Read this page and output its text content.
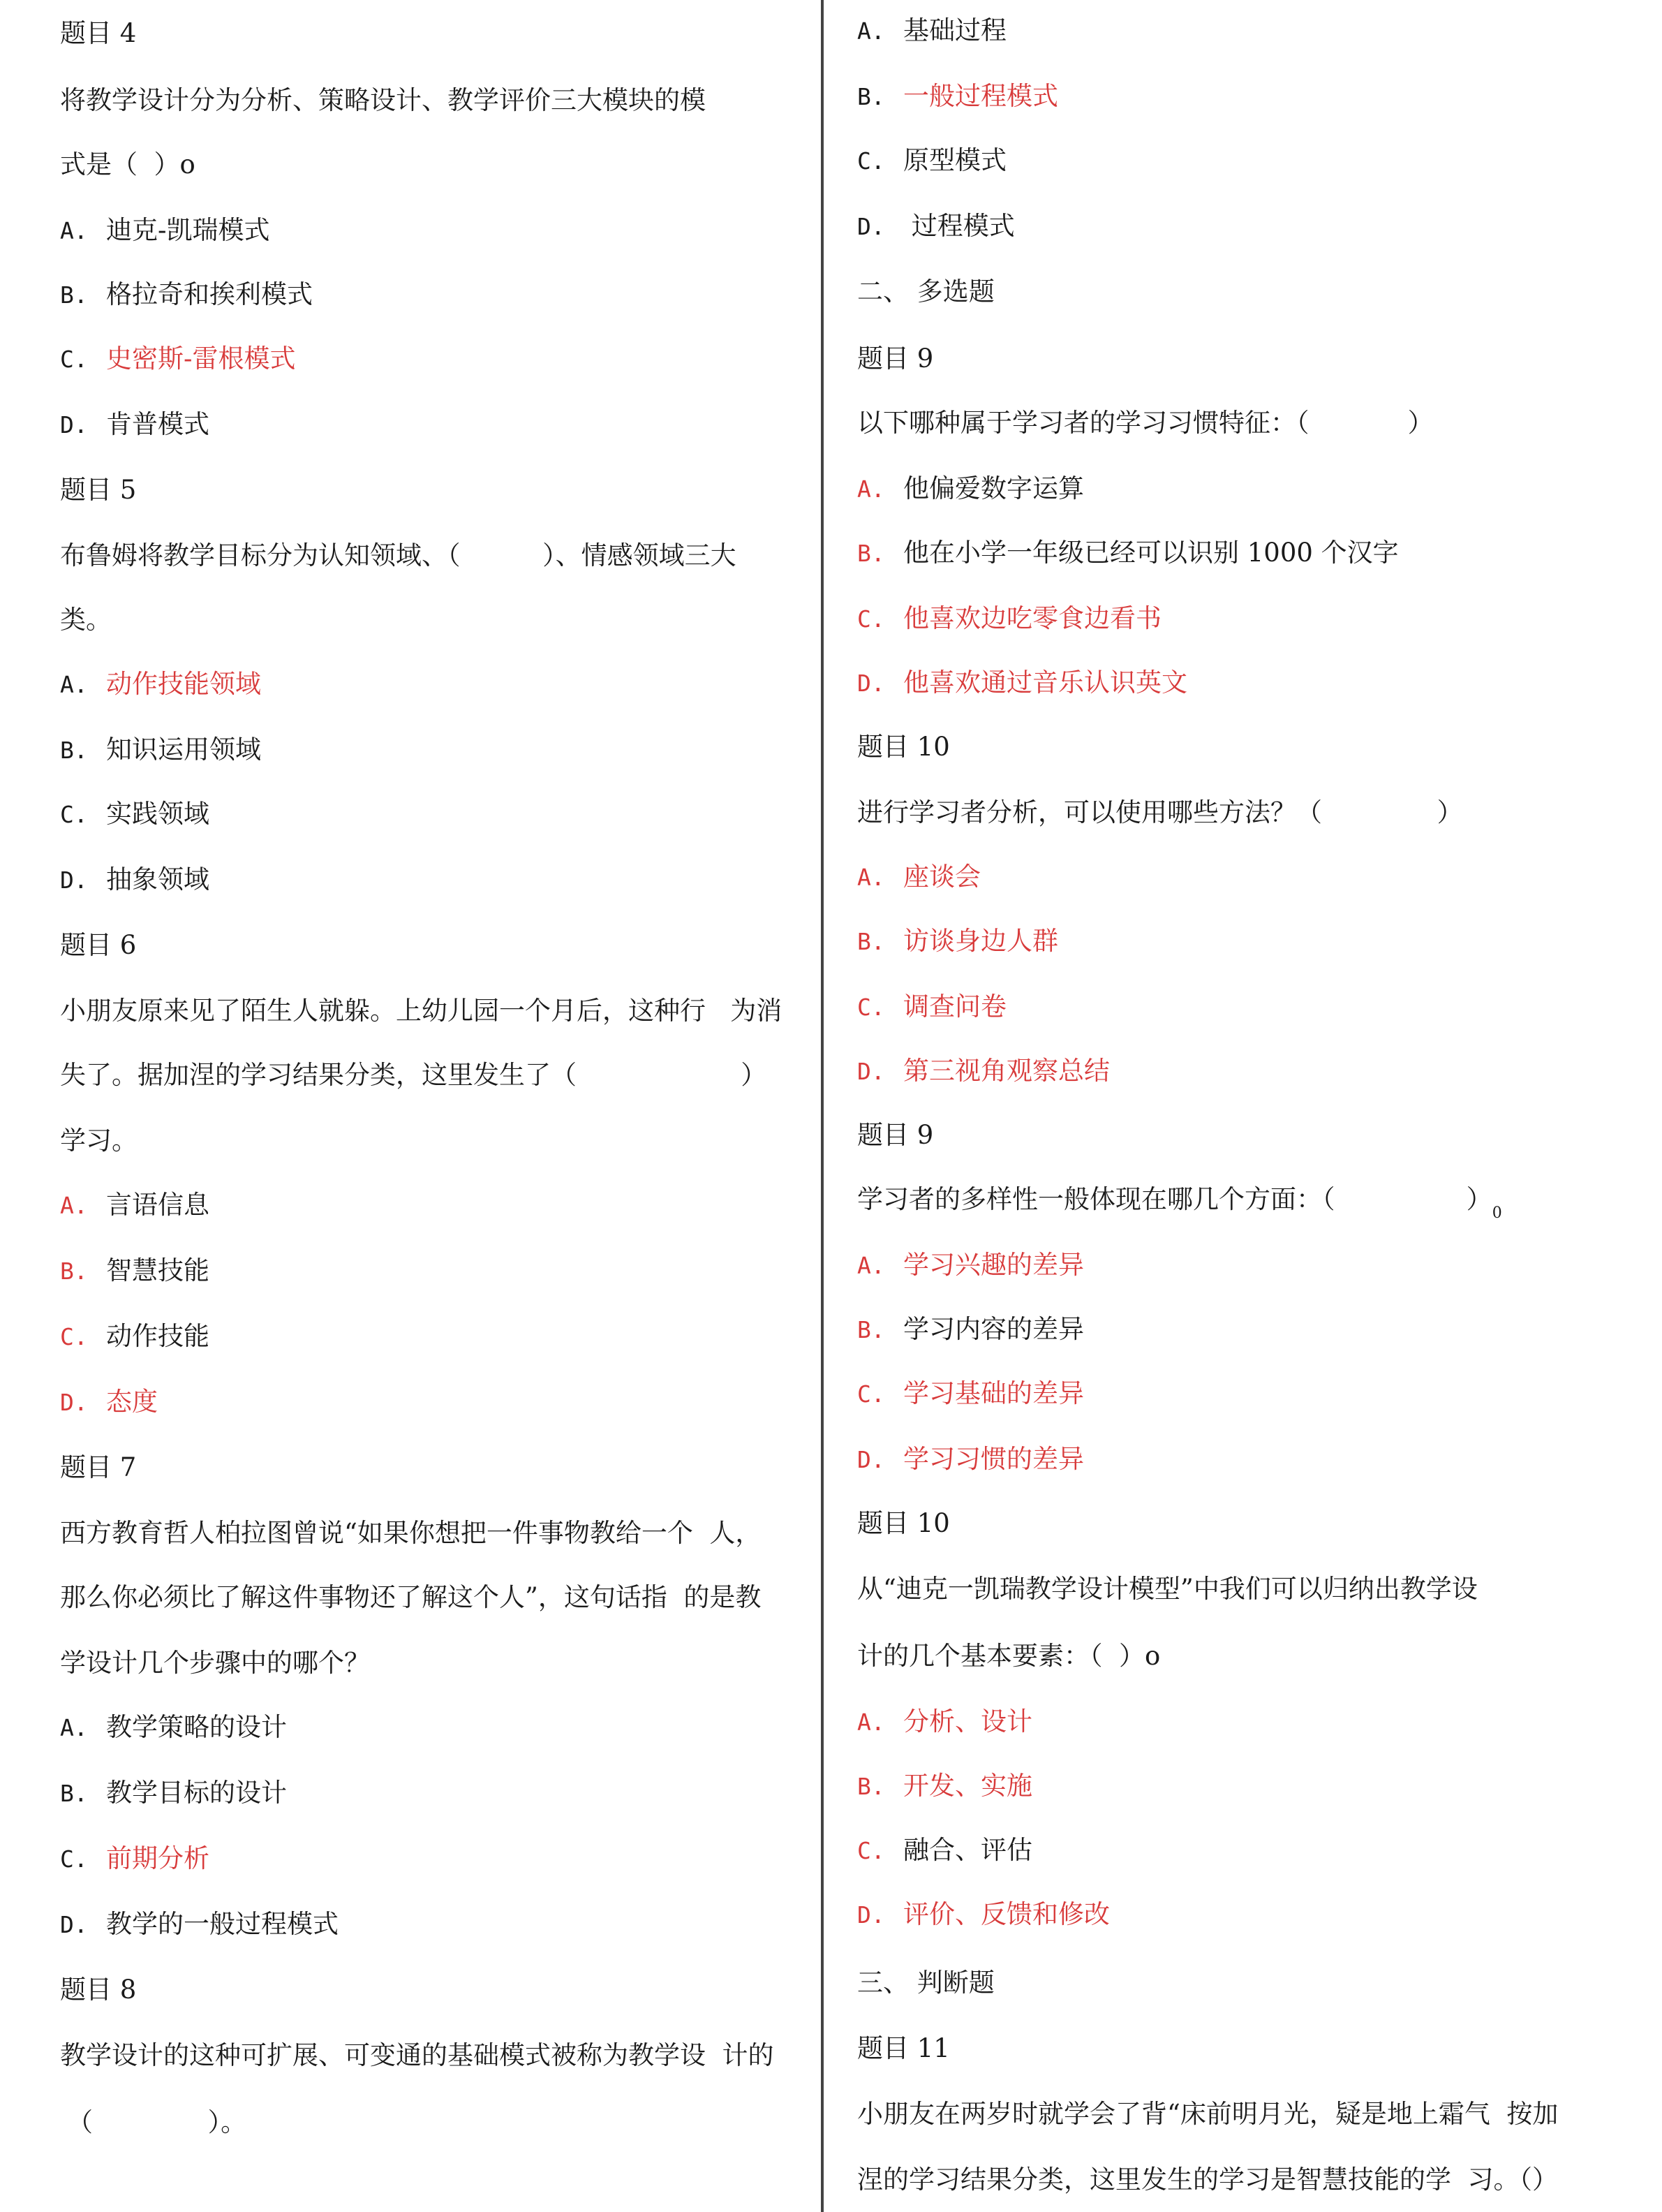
题目 4
将教学设计分为分析、策略设计、教学评价三大模块的模
式是（  ）o
A. 迪克-凯瑞模式
B. 格拉奇和挨利模式
C. 史密斯-雷根模式
D. 肯普模式
题目 5
布鲁姆将教学目标分为认知领域、（          ）、情感领域三大
类。
A. 动作技能领域
B. 知识运用领域
C. 实践领域
D. 抽象领域
题目 6
小朋友原来见了陌生人就躲。上幼儿园一个月后，这种行   为消
失了。据加涅的学习结果分类，这里发生了（                    ）
学习。
A. 言语信息
B. 智慧技能
C. 动作技能
D. 态度
题目 7
西方教育哲人柏拉图曾说“如果你想把一件事物教给一个  人，
那么你必须比了解这件事物还了解这个人”，这句话指  的是教
学设计几个步骤中的哪个？
A. 教学策略的设计
B. 教学目标的设计
C. 前期分析
D. 教学的一般过程模式
题目 8
教学设计的这种可扩展、可变通的基础模式被称为教学设  计的
（              ）。
A. 基础过程
B. 一般过程模式
C. 原型模式
D. 过程模式
二、 多选题
题目 9
以下哪种属于学习者的学习习惯特征：（            ）
A. 他偏爱数字运算
B. 他在小学一年级已经可以识别 1000 个汉字
C. 他喜欢边吃零食边看书
D. 他喜欢通过音乐认识英文
题目 10
进行学习者分析，可以使用哪些方法？（              ）
A. 座谈会
B. 访谈身边人群
C. 调查问卷
D. 第三视角观察总结
题目 9
学习者的多样性一般体现在哪几个方面：（                ）$_0$
A. 学习兴趣的差异
B. 学习内容的差异
C. 学习基础的差异
D. 学习习惯的差异
题目 10
从“迪克一凯瑞教学设计模型”中我们可以归纳出教学设
计的几个基本要素：（  ）o
A. 分析、设计
B. 开发、实施
C. 融合、评估
D. 评价、反馈和修改
三、 判断题
题目 11
小朋友在两岁时就学会了背“床前明月光，疑是地上霜气  按加
涅的学习结果分类，这里发生的学习是智慧技能的学  习。（）
